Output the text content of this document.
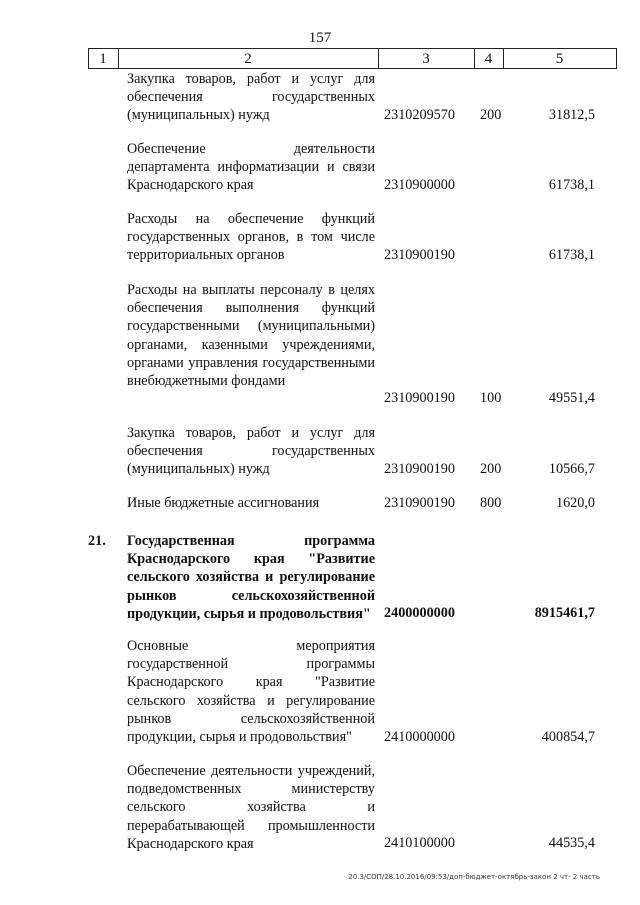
157
1	2	3	4	5
Закупка товаров, работ и услуг для обеспечения государственных (муниципальных) нужд	2310209570	200	31812,5
Обеспечение деятельности департамента информатизации и связи Краснодарского края	2310900000	61738,1
Расходы на обеспечение функций государственных органов, в том числе территориальных органов	2310900190	61738,1
Расходы на выплаты персоналу в целях обеспечения выполнения функций государственными (муниципальными) органами, казенными учреждениями, органами управления государственными внебюджетными фондами
2310900190	100	49551,4
Закупка товаров, работ и услуг для обеспечения государственных (муниципальных) нужд	2310900190	200	10566,7
Иные бюджетные ассигнования	2310900190	800	1620,0
21.	Государственная программа Краснодарского края "Развитие сельского хозяйства и регулирование рынков сельскохозяйственной продукции, сырья и продовольствия" 2400000000	8915461,7
Основные мероприятия государственной программы Краснодарского края "Развитие сельского хозяйства и регулирование рынков сельскохозяйственной продукции, сырья и продовольствия"	2410000000	400854,7
Обеспечение деятельности учреждений, подведомственных министерству сельского хозяйства и перерабатывающей промышленности Краснодарского края	2410100000	44535,4
20.3/СОП/28.10.2016/09:53/доп-бюджет-октябрь-закон 2 чт- 2 часть
